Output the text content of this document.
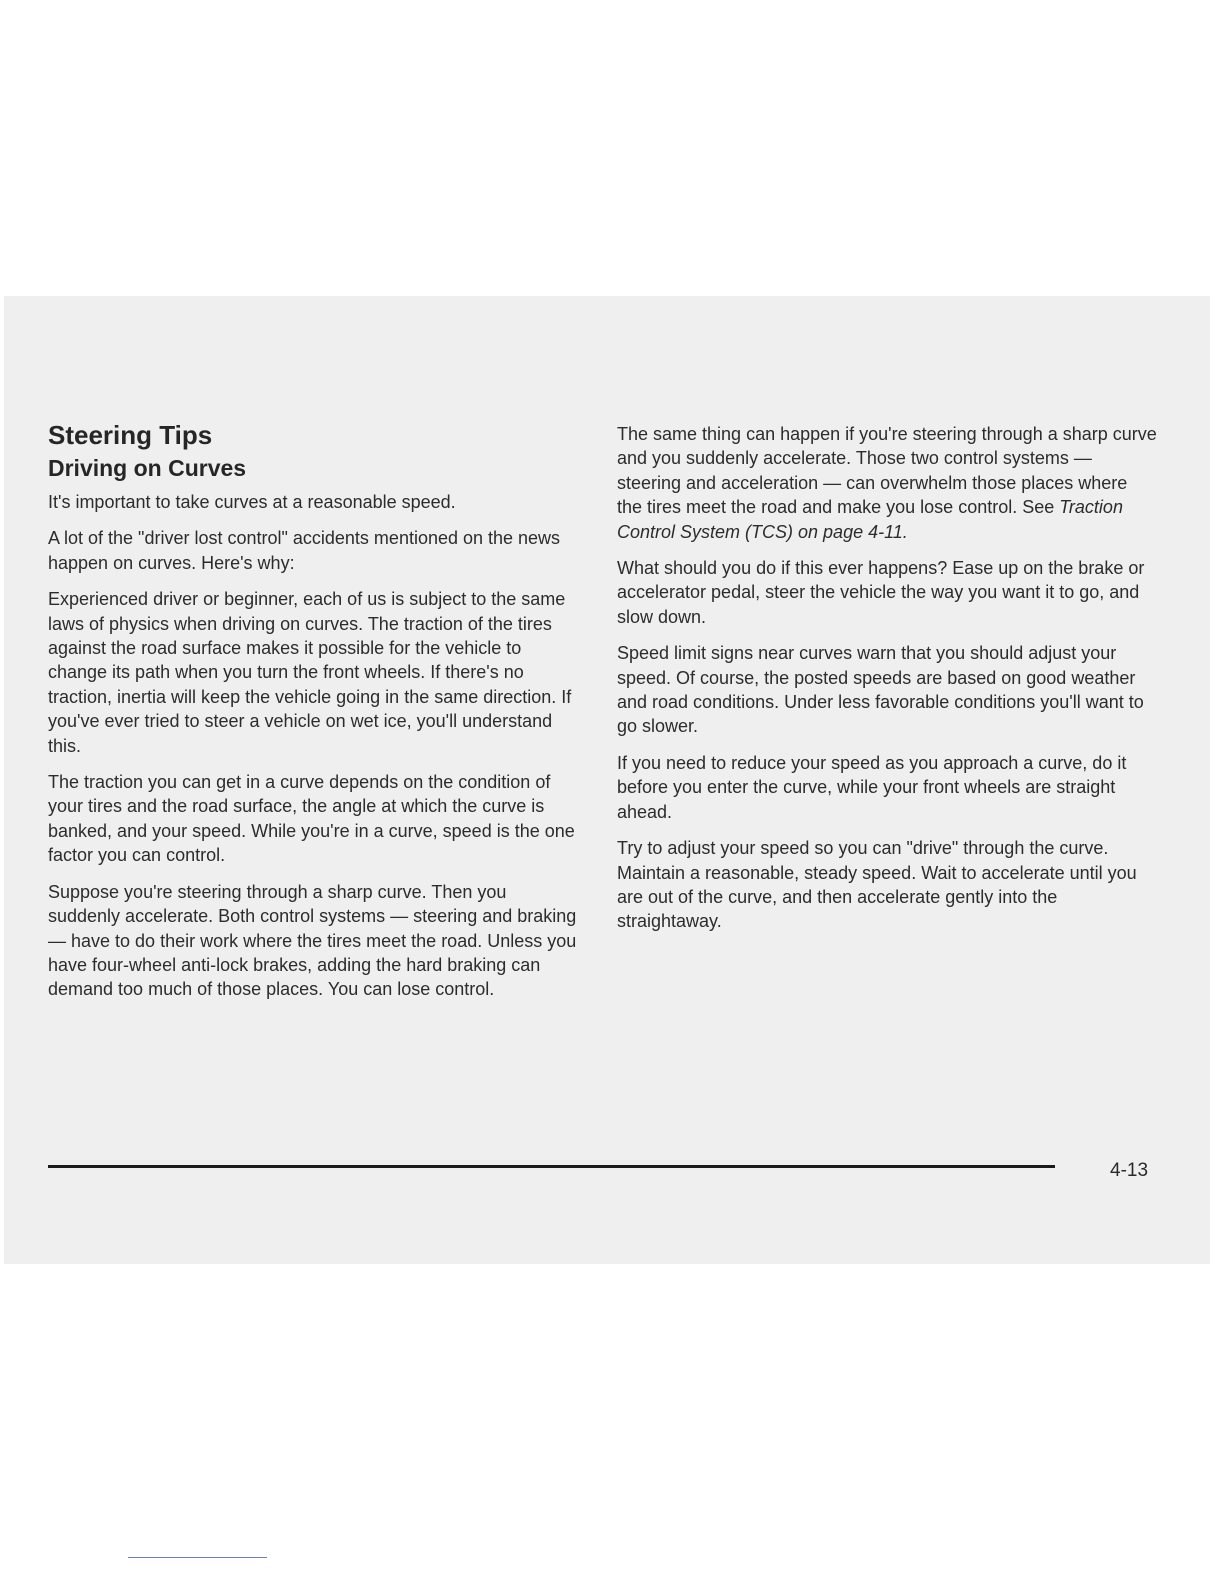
Steering Tips
Driving on Curves

It's important to take curves at a reasonable speed.

A lot of the "driver lost control" accidents mentioned on the news happen on curves. Here's why:

Experienced driver or beginner, each of us is subject to the same laws of physics when driving on curves. The traction of the tires against the road surface makes it possible for the vehicle to change its path when you turn the front wheels. If there's no traction, inertia will keep the vehicle going in the same direction. If you've ever tried to steer a vehicle on wet ice, you'll understand this.

The traction you can get in a curve depends on the condition of your tires and the road surface, the angle at which the curve is banked, and your speed. While you're in a curve, speed is the one factor you can control.

Suppose you're steering through a sharp curve. Then you suddenly accelerate. Both control systems — steering and braking — have to do their work where the tires meet the road. Unless you have four-wheel anti-lock brakes, adding the hard braking can demand too much of those places. You can lose control.

The same thing can happen if you're steering through a sharp curve and you suddenly accelerate. Those two control systems — steering and acceleration — can overwhelm those places where the tires meet the road and make you lose control. See Traction Control System (TCS) on page 4-11.

What should you do if this ever happens? Ease up on the brake or accelerator pedal, steer the vehicle the way you want it to go, and slow down.

Speed limit signs near curves warn that you should adjust your speed. Of course, the posted speeds are based on good weather and road conditions. Under less favorable conditions you'll want to go slower.

If you need to reduce your speed as you approach a curve, do it before you enter the curve, while your front wheels are straight ahead.

Try to adjust your speed so you can "drive" through the curve. Maintain a reasonable, steady speed. Wait to accelerate until you are out of the curve, and then accelerate gently into the straightaway.

4-13
